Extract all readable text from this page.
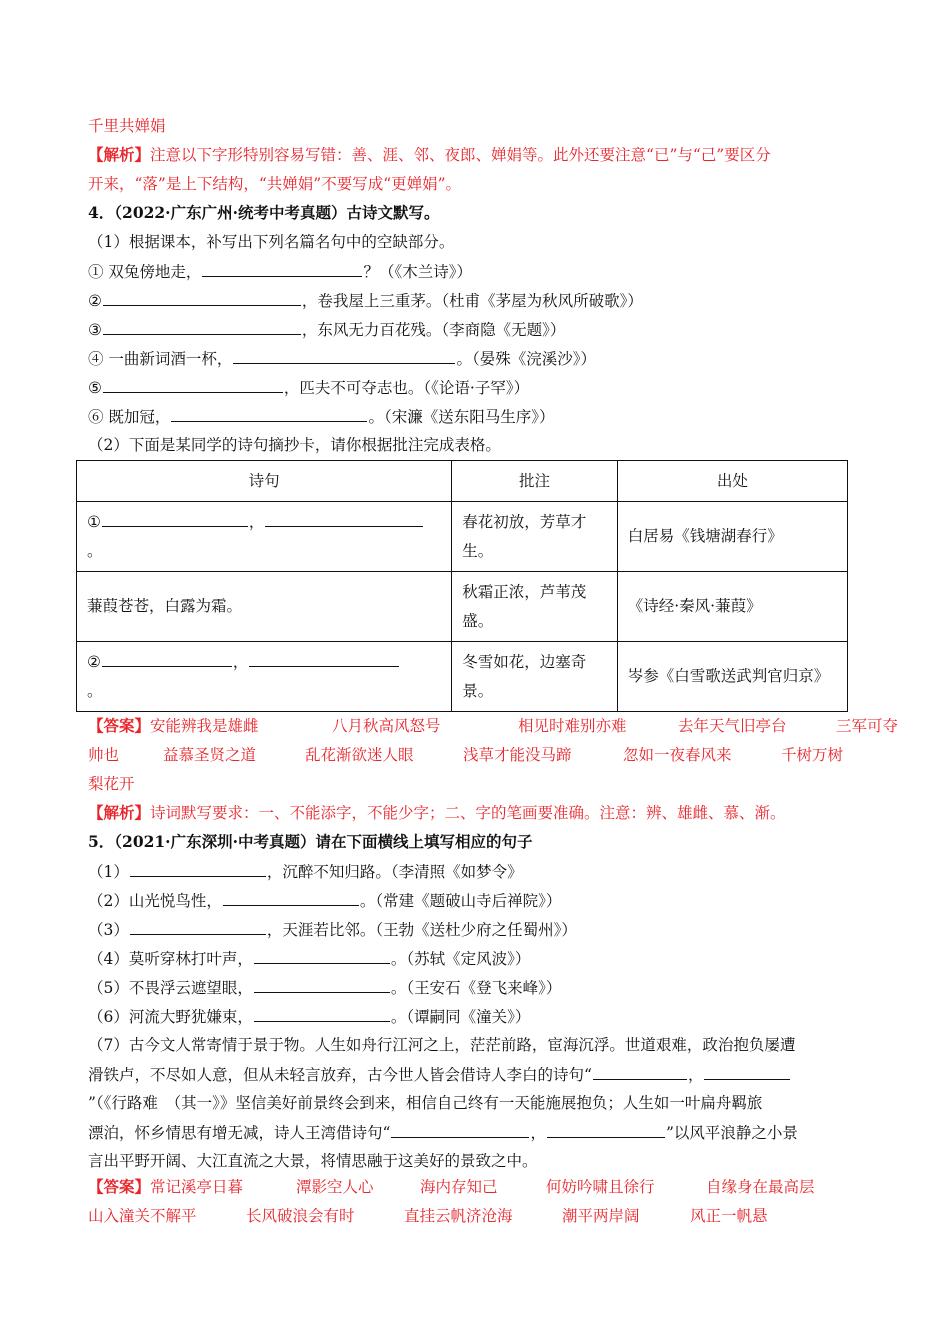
千里共婵娟
【解析】注意以下字形特别容易写错：善、涯、邻、夜郎、婵娟等。此外还要注意“已”与“己”要区分
开来，“落”是上下结构，“共婵娟”不要写成“更婵娟”。
4．（2022·广东广州·统考中考真题）古诗文默写。
（1）根据课本，补写出下列名篇名句中的空缺部分。
① 双兔傍地走，	？（《木兰诗》）
②	，卷我屋上三重茅。（杜甫《茅屋为秋风所破歌》）
③	，东风无力百花残。（李商隐《无题》）
④ 一曲新词酒一杯，	。（晏殊《浣溪沙》）
⑤	，匹夫不可夺志也。（《论语·子罕》）
⑥ 既加冠，	。（宋濂《送东阳马生序》）
（2）下面是某同学的诗句摘抄卡，请你根据批注完成表格。
诗句	批注	出处
① ，
。	春花初放，芳草才生。	白居易《钱塘湖春行》
蒹葭苍苍，白露为霜。	秋霜正浓，芦苇茂盛。	《诗经·秦风·蒹葭》
② ，
。	冬雪如花，边塞奇景。	岑参《白雪歌送武判官归京》
【答案】安能辨我是雄雌	八月秋高风怒号	相见时难别亦难	去年天气旧亭台	三军可夺
帅也	益慕圣贤之道	乱花渐欲迷人眼	浅草才能没马蹄	忽如一夜春风来	千树万树
梨花开
【解析】诗词默写要求：一、不能添字，不能少字；二、字的笔画要准确。注意：辨、雄雌、慕、渐。
5．（2021·广东深圳·中考真题）请在下面横线上填写相应的句子
（1）	，沉醉不知归路。（李清照《如梦令》
（2）山光悦鸟性，	。（常建《题破山寺后禅院》）
（3）	，天涯若比邻。（王勃《送杜少府之任蜀州》）
（4）莫听穿林打叶声，	。（苏轼《定风波》）
（5）不畏浮云遮望眼，	。（王安石《登飞来峰》）
（6）河流大野犹嫌束，	。（谭嗣同《潼关》）
（7）古今文人常寄情于景于物。人生如舟行江河之上，茫茫前路，宦海沉浮。世道艰难，政治抱负屡遭
滑铁卢，不尽如人意，但从未轻言放弃，古今世人皆会借诗人李白的诗句“	，
”（《行路难　（其一》》坚信美好前景终会到来，相信自己终有一天能施展抱负；人生如一叶扁舟羁旅
漂泊，怀乡情思有增无减，诗人王湾借诗句“	，	”以风平浪静之小景
言出平野开阔、大江直流之大景，将情思融于这美好的景致之中。
【答案】常记溪亭日暮	潭影空人心	海内存知己	何妨吟啸且徐行	自缘身在最高层
山入潼关不解平	长风破浪会有时	直挂云帆济沧海	潮平两岸阔	风正一帆悬
